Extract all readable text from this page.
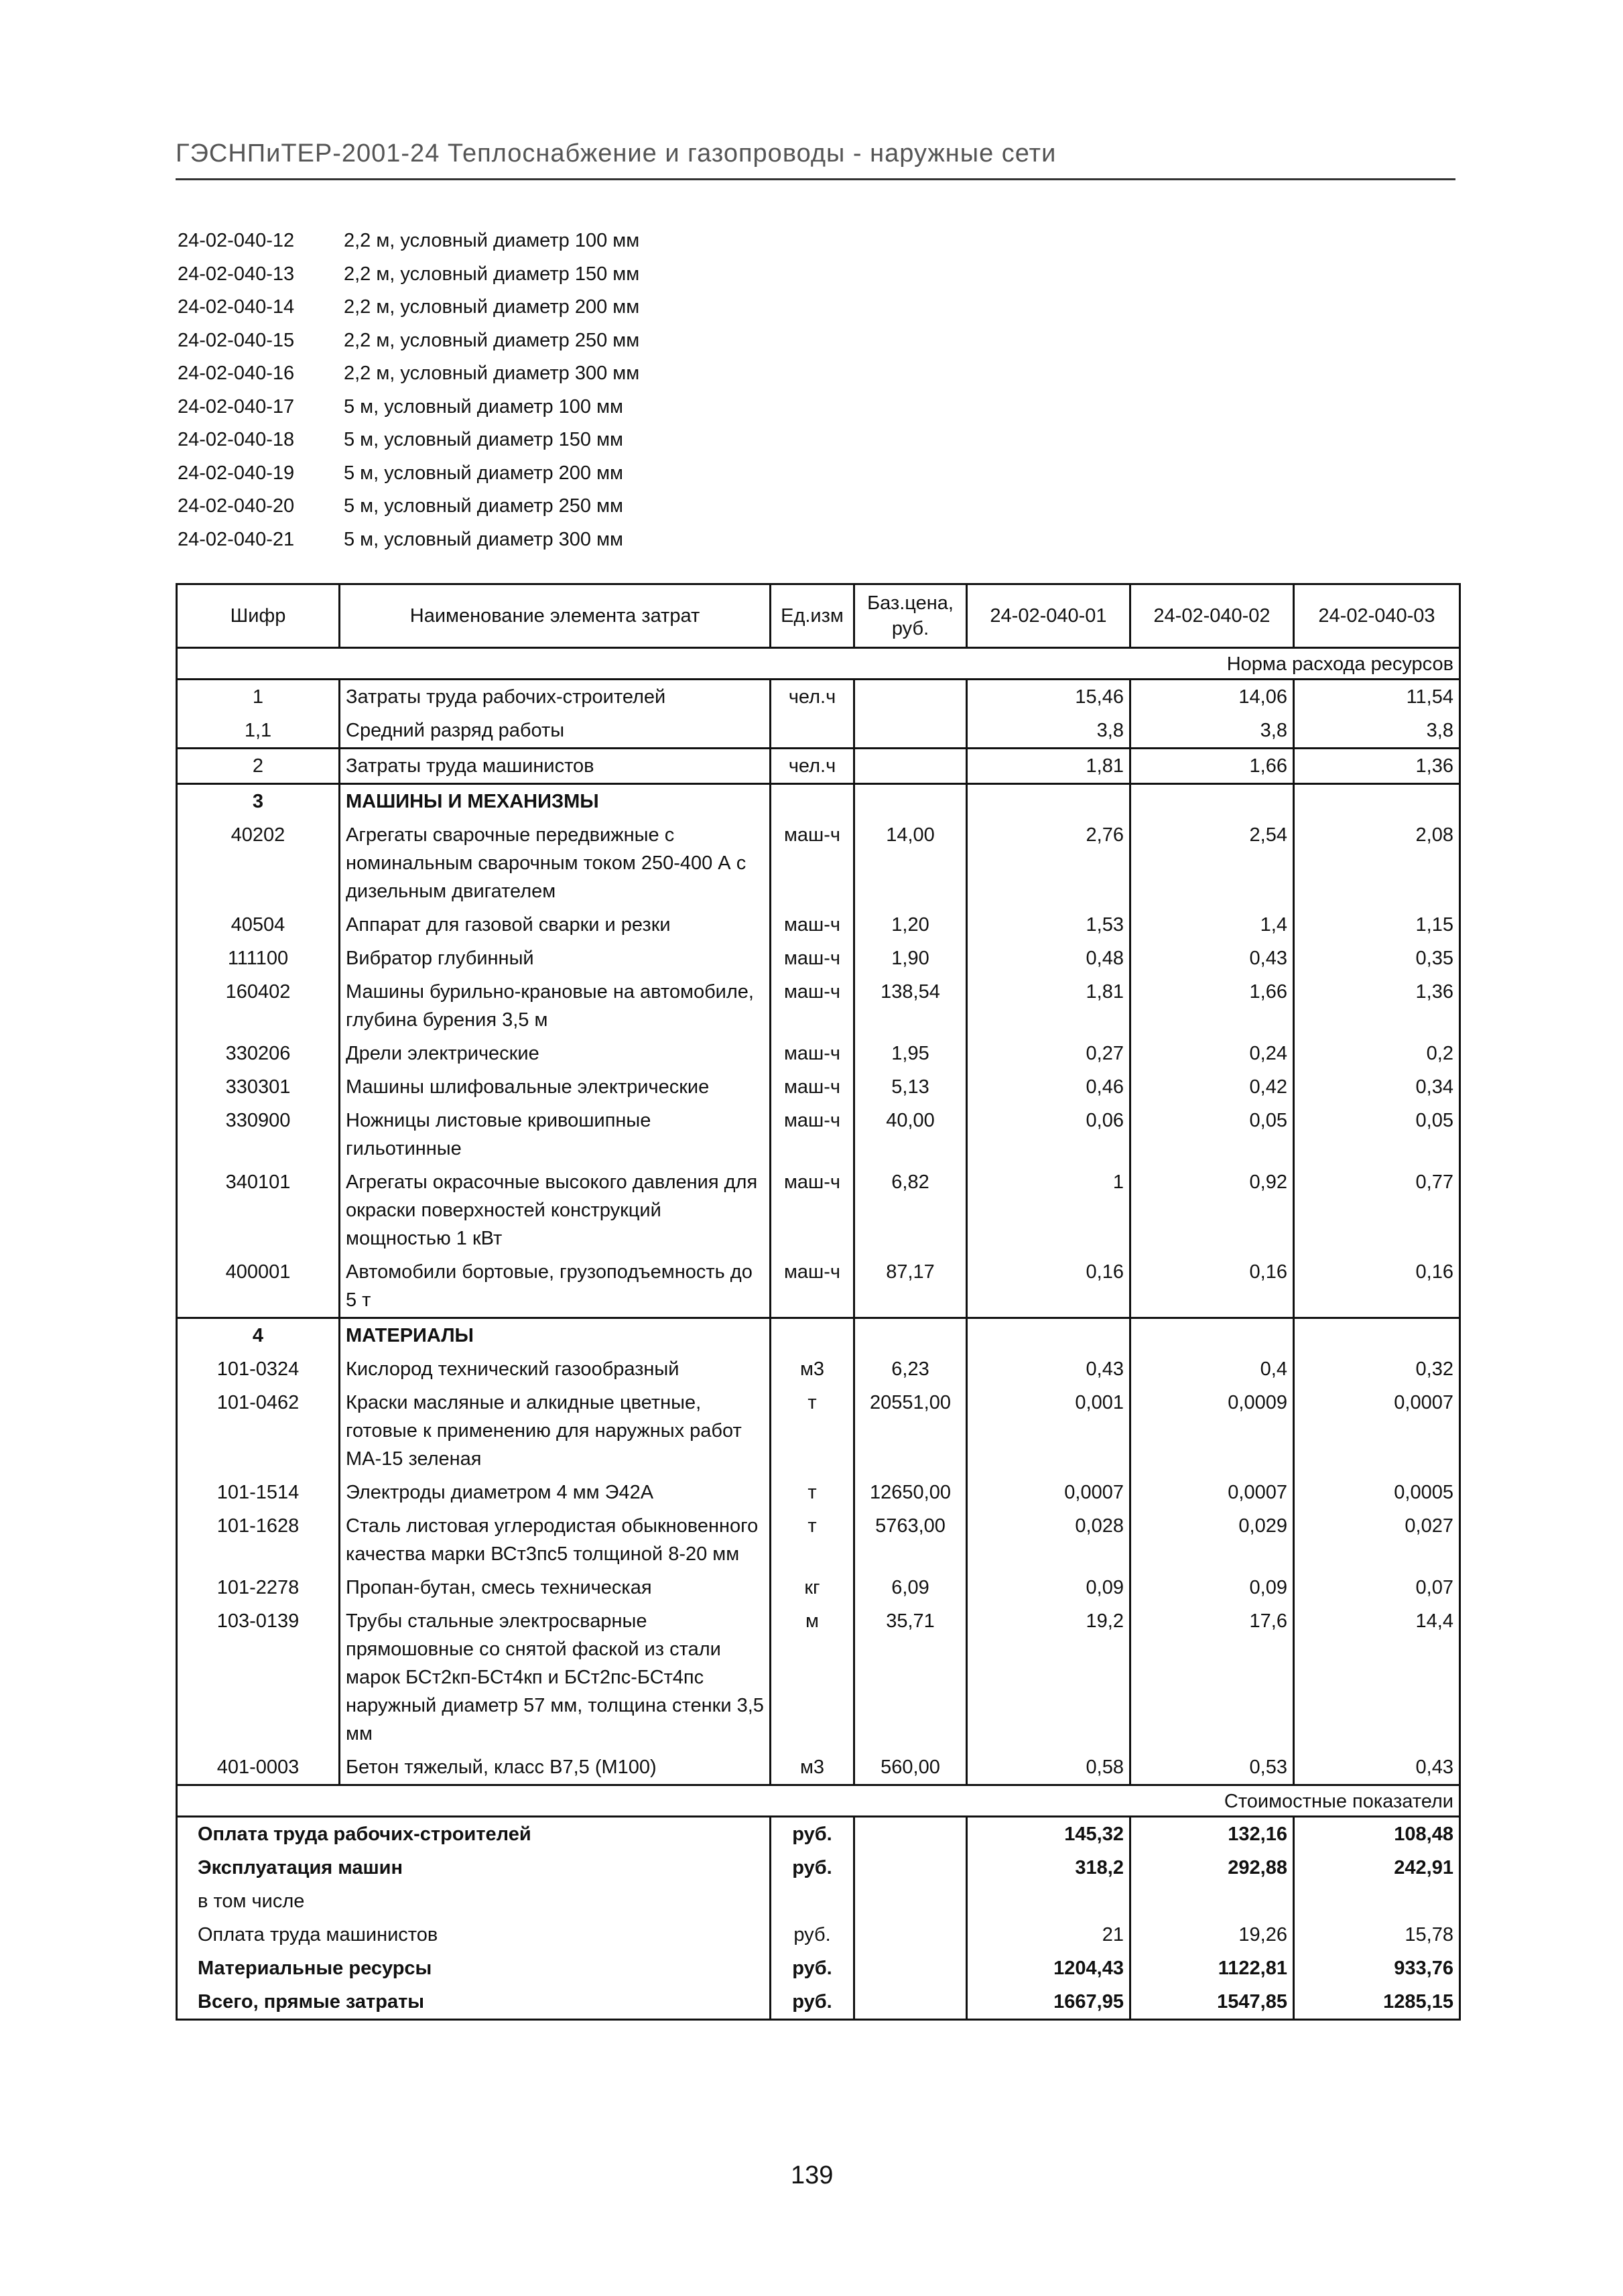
ГЭСНПиТЕР-2001-24 Теплоснабжение и газопроводы - наружные сети
24-02-040-12	2,2 м, условный диаметр 100 мм
24-02-040-13	2,2 м, условный диаметр 150 мм
24-02-040-14	2,2 м, условный диаметр 200 мм
24-02-040-15	2,2 м, условный диаметр 250 мм
24-02-040-16	2,2 м, условный диаметр 300 мм
24-02-040-17	5 м, условный диаметр 100 мм
24-02-040-18	5 м, условный диаметр 150 мм
24-02-040-19	5 м, условный диаметр 200 мм
24-02-040-20	5 м, условный диаметр 250 мм
24-02-040-21	5 м, условный диаметр 300 мм
Шифр	Наименование элемента затрат	Ед.изм	Баз.цена, руб.	24-02-040-01	24-02-040-02	24-02-040-03
Норма расхода ресурсов						
1	Затраты труда рабочих-строителей	чел.ч		15,46	14,06	11,54
1,1	Средний разряд работы			3,8	3,8	3,8
2	Затраты труда машинистов	чел.ч		1,81	1,66	1,36
3	МАШИНЫ И МЕХАНИЗМЫ					
40202	Агрегаты сварочные передвижные с номинальным сварочным током 250-400 А с дизельным двигателем	маш-ч	14,00	2,76	2,54	2,08
40504	Аппарат для газовой сварки и резки	маш-ч	1,20	1,53	1,4	1,15
111100	Вибратор глубинный	маш-ч	1,90	0,48	0,43	0,35
160402	Машины бурильно-крановые на автомобиле, глубина бурения 3,5 м	маш-ч	138,54	1,81	1,66	1,36
330206	Дрели электрические	маш-ч	1,95	0,27	0,24	0,2
330301	Машины шлифовальные электрические	маш-ч	5,13	0,46	0,42	0,34
330900	Ножницы листовые кривошипные гильотинные	маш-ч	40,00	0,06	0,05	0,05
340101	Агрегаты окрасочные высокого давления для окраски поверхностей конструкций мощностью 1 кВт	маш-ч	6,82	1	0,92	0,77
400001	Автомобили бортовые, грузоподъемность до 5 т	маш-ч	87,17	0,16	0,16	0,16
4	МАТЕРИАЛЫ					
101-0324	Кислород технический газообразный	м3	6,23	0,43	0,4	0,32
101-0462	Краски масляные и алкидные цветные, готовые к применению для наружных работ МА-15 зеленая	т	20551,00	0,001	0,0009	0,0007
101-1514	Электроды диаметром 4 мм Э42А	т	12650,00	0,0007	0,0007	0,0005
101-1628	Сталь листовая углеродистая обыкновенного качества марки ВСт3пс5 толщиной 8-20 мм	т	5763,00	0,028	0,029	0,027
101-2278	Пропан-бутан, смесь техническая	кг	6,09	0,09	0,09	0,07
103-0139	Трубы стальные электросварные прямошовные со снятой фаской из стали марок БСт2кп-БСт4кп и БСт2пс-БСт4пс наружный диаметр 57 мм, толщина стенки 3,5 мм	м	35,71	19,2	17,6	14,4
401-0003	Бетон тяжелый, класс В7,5 (М100)	м3	560,00	0,58	0,53	0,43
Стоимостные показатели						
Оплата труда рабочих-строителей		руб.		145,32	132,16	108,48
Эксплуатация машин		руб.		318,2	292,88	242,91
в том числе						
Оплата труда машинистов		руб.		21	19,26	15,78
Материальные ресурсы		руб.		1204,43	1122,81	933,76
Всего, прямые затраты		руб.		1667,95	1547,85	1285,15
139
